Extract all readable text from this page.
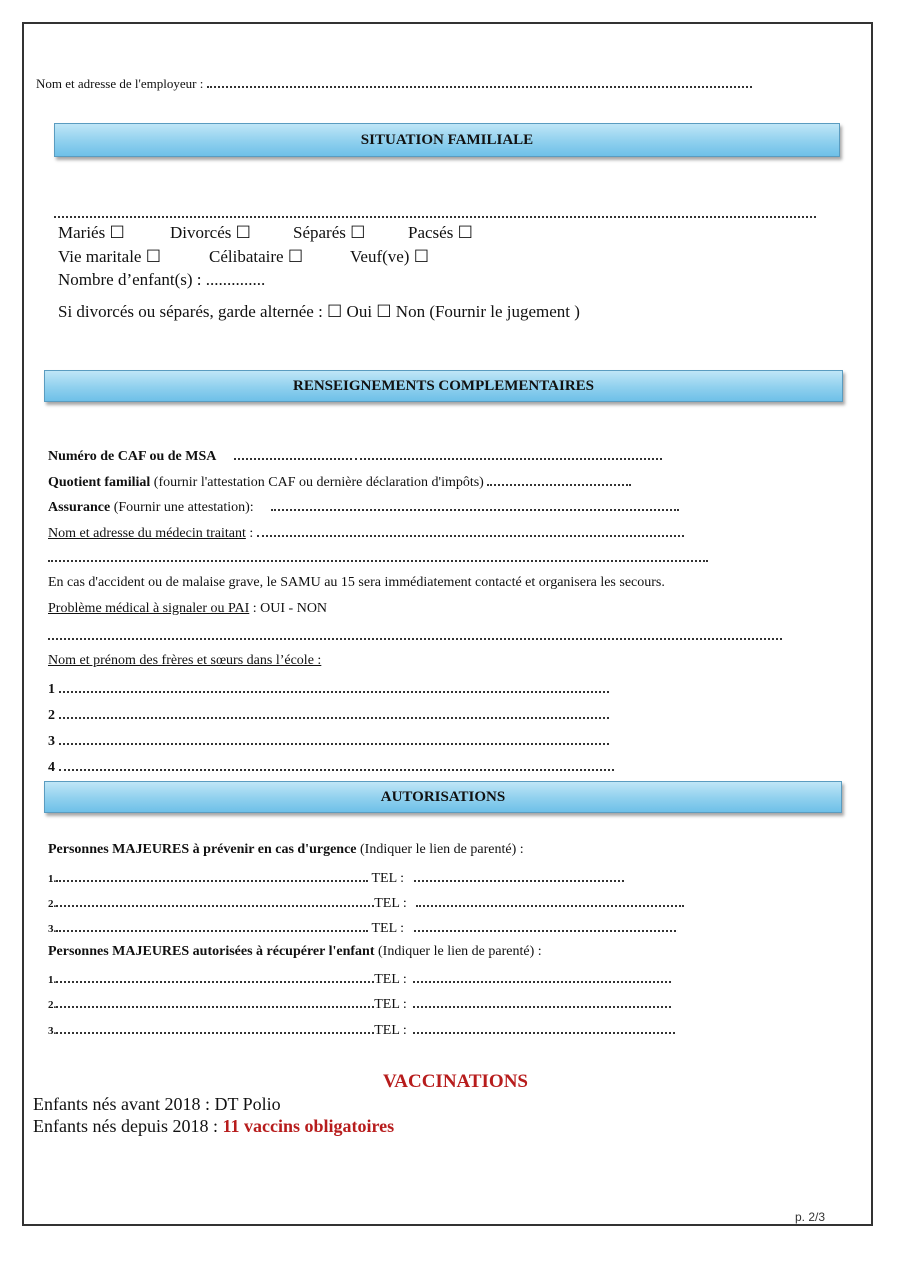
Nom et adresse de l'employeur :
SITUATION FAMILIALE
Mariés ☐	Divorcés ☐ Séparés ☐	Pacsés ☐
Vie maritale ☐	Célibataire ☐	Veuf(ve) ☐
Nombre d’enfant(s) : ..............
Si divorcés ou séparés, garde alternée : ☐ Oui ☐ Non (Fournir le jugement )
RENSEIGNEMENTS COMPLEMENTAIRES
Numéro de CAF ou de MSA
Quotient familial (fournir l'attestation CAF ou dernière déclaration d'impôts)
Assurance (Fournir une attestation):
Nom et adresse du médecin traitant :
En cas d'accident ou de malaise grave, le SAMU au 15 sera immédiatement contacté et organisera les secours.
Problème médical à signaler ou PAI : OUI - NON
Nom et prénom des frères et sœurs dans l’école :
1
2
3
4
AUTORISATIONS
Personnes MAJEURES à prévenir en cas d'urgence (Indiquer le lien de parenté) :
1.	TEL :
2.	TEL :
3.	TEL :
Personnes MAJEURES autorisées à récupérer l'enfant (Indiquer le lien de parenté) :
1.	TEL :
2.	TEL :
3.	TEL :
VACCINATIONS
Enfants nés avant 2018 : DT Polio
Enfants nés depuis 2018 : 11 vaccins obligatoires
p. 2/3
